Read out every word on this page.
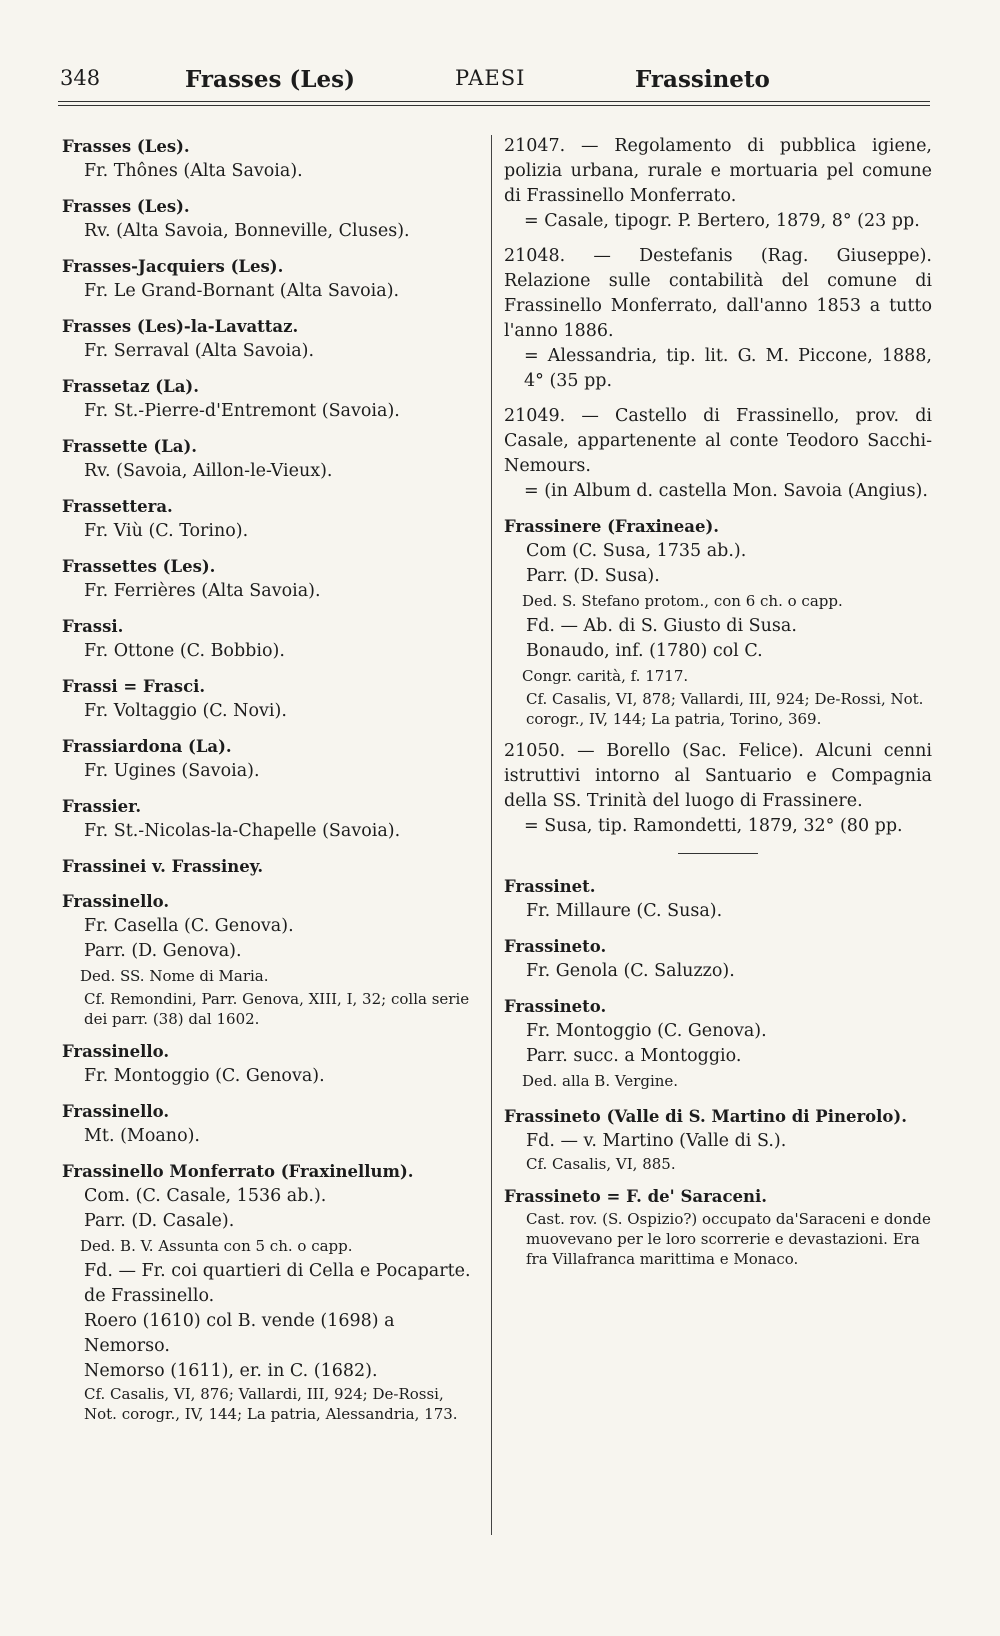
348	Frasses (Les)	PAESI	Frassineto
Frasses (Les).
Fr. Thônes (Alta Savoia).
Frasses (Les).
Rv. (Alta Savoia, Bonneville, Cluses).
Frasses-Jacquiers (Les).
Fr. Le Grand-Bornant (Alta Savoia).
Frasses (Les)-la-Lavattaz.
Fr. Serraval (Alta Savoia).
Frassetaz (La).
Fr. St.-Pierre-d'Entremont (Savoia).
Frassette (La).
Rv. (Savoia, Aillon-le-Vieux).
Frassettera.
Fr. Viù (C. Torino).
Frassettes (Les).
Fr. Ferrières (Alta Savoia).
Frassi.
Fr. Ottone (C. Bobbio).
Frassi = Frasci.
Fr. Voltaggio (C. Novi).
Frassiardona (La).
Fr. Ugines (Savoia).
Frassier.
Fr. St.-Nicolas-la-Chapelle (Savoia).
Frassinei v. Frassiney.
Frassinello.
Fr. Casella (C. Genova).
Parr. (D. Genova).
Ded. SS. Nome di Maria.
Cf. Remondini, Parr. Genova, XIII, I, 32; colla serie dei parr. (38) dal 1602.
Frassinello.
Fr. Montoggio (C. Genova).
Frassinello.
Mt. (Moano).
Frassinello Monferrato (Fraxinellum).
Com. (C. Casale, 1536 ab.).
Parr. (D. Casale).
Ded. B. V. Assunta con 5 ch. o capp.
Fd. — Fr. coi quartieri di Cella e Pocaparte.
de Frassinello.
Roero (1610) col B. vende (1698) a Nemorso.
Nemorso (1611), er. in C. (1682).
Cf. Casalis, VI, 876; Vallardi, III, 924; De-Rossi, Not. corogr., IV, 144; La patria, Alessandria, 173.
21047. — Regolamento di pubblica igiene, polizia urbana, rurale e mortuaria pel comune di Frassinello Monferrato.
= Casale, tipogr. P. Bertero, 1879, 8° (23 pp.
21048. — Destefanis (Rag. Giuseppe). Relazione sulle contabilità del comune di Frassinello Monferrato, dall'anno 1853 a tutto l'anno 1886.
= Alessandria, tip. lit. G. M. Piccone, 1888, 4° (35 pp.
21049. — Castello di Frassinello, prov. di Casale, appartenente al conte Teodoro Sacchi-Nemours.
= (in Album d. castella Mon. Savoia (Angius).
Frassinere (Fraxineae).
Com (C. Susa, 1735 ab.).
Parr. (D. Susa).
Ded. S. Stefano protom., con 6 ch. o capp.
Fd. — Ab. di S. Giusto di Susa.
Bonaudo, inf. (1780) col C.
Congr. carità, f. 1717.
Cf. Casalis, VI, 878; Vallardi, III, 924; De-Rossi, Not. corogr., IV, 144; La patria, Torino, 369.
21050. — Borello (Sac. Felice). Alcuni cenni istruttivi intorno al Santuario e Compagnia della SS. Trinità del luogo di Frassinere.
= Susa, tip. Ramondetti, 1879, 32° (80 pp.
Frassinet.
Fr. Millaure (C. Susa).
Frassineto.
Fr. Genola (C. Saluzzo).
Frassineto.
Fr. Montoggio (C. Genova).
Parr. succ. a Montoggio.
Ded. alla B. Vergine.
Frassineto (Valle di S. Martino di Pinerolo).
Fd. — v. Martino (Valle di S.).
Cf. Casalis, VI, 885.
Frassineto = F. de' Saraceni.
Cast. rov. (S. Ospizio?) occupato da'Saraceni e donde muovevano per le loro scorrerie e devastazioni. Era fra Villafranca marittima e Monaco.
